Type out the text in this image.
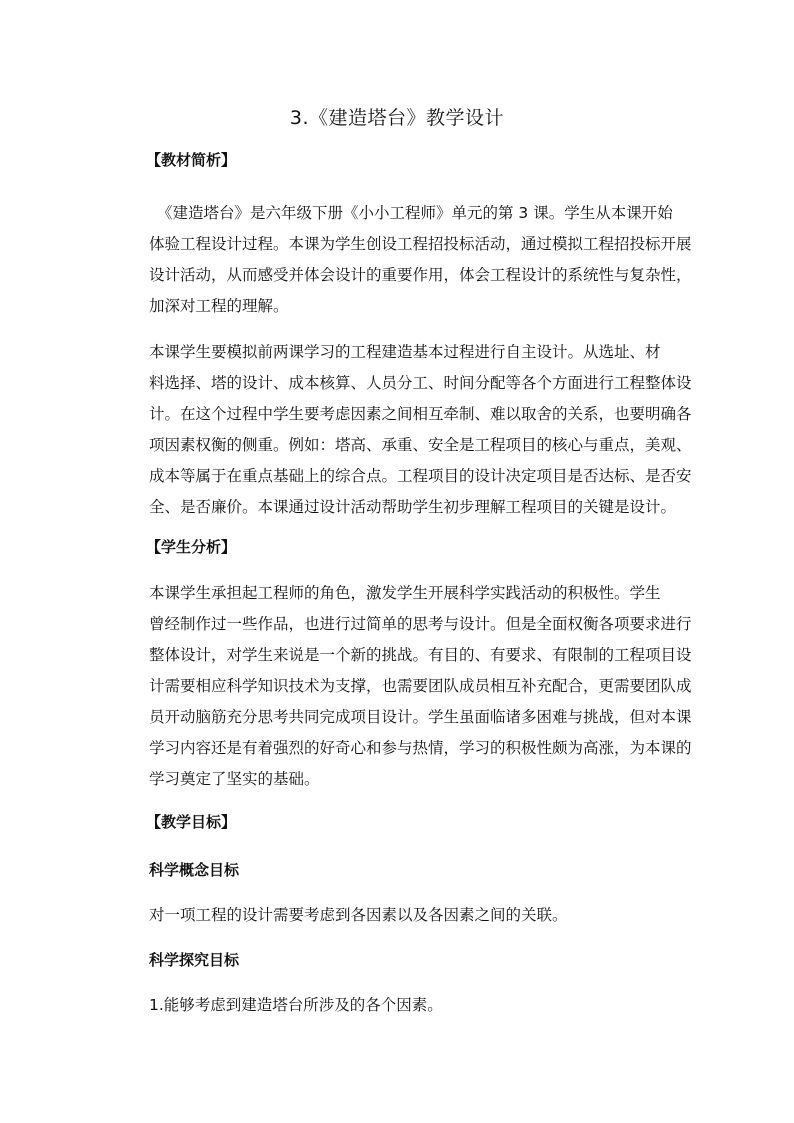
3.《建造塔台》教学设计
【教材简析】
《建造塔台》是六年级下册《小小工程师》单元的第 3 课。学生从本课开始
体验工程设计过程。本课为学生创设工程招投标活动，通过模拟工程招投标开展
设计活动，从而感受并体会设计的重要作用，体会工程设计的系统性与复杂性，
加深对工程的理解。
本课学生要模拟前两课学习的工程建造基本过程进行自主设计。从选址、材
料选择、塔的设计、成本核算、人员分工、时间分配等各个方面进行工程整体设
计。在这个过程中学生要考虑因素之间相互牵制、难以取舍的关系，也要明确各
项因素权衡的侧重。例如：塔高、承重、安全是工程项目的核心与重点，美观、
成本等属于在重点基础上的综合点。工程项目的设计决定项目是否达标、是否安
全、是否廉价。本课通过设计活动帮助学生初步理解工程项目的关键是设计。
【学生分析】
本课学生承担起工程师的角色，激发学生开展科学实践活动的积极性。学生
曾经制作过一些作品，也进行过简单的思考与设计。但是全面权衡各项要求进行
整体设计，对学生来说是一个新的挑战。有目的、有要求、有限制的工程项目设
计需要相应科学知识技术为支撑，也需要团队成员相互补充配合，更需要团队成
员开动脑筋充分思考共同完成项目设计。学生虽面临诸多困难与挑战，但对本课
学习内容还是有着强烈的好奇心和参与热情，学习的积极性颇为高涨，为本课的
学习奠定了坚实的基础。
【教学目标】
科学概念目标
对一项工程的设计需要考虑到各因素以及各因素之间的关联。
科学探究目标
1.能够考虑到建造塔台所涉及的各个因素。
